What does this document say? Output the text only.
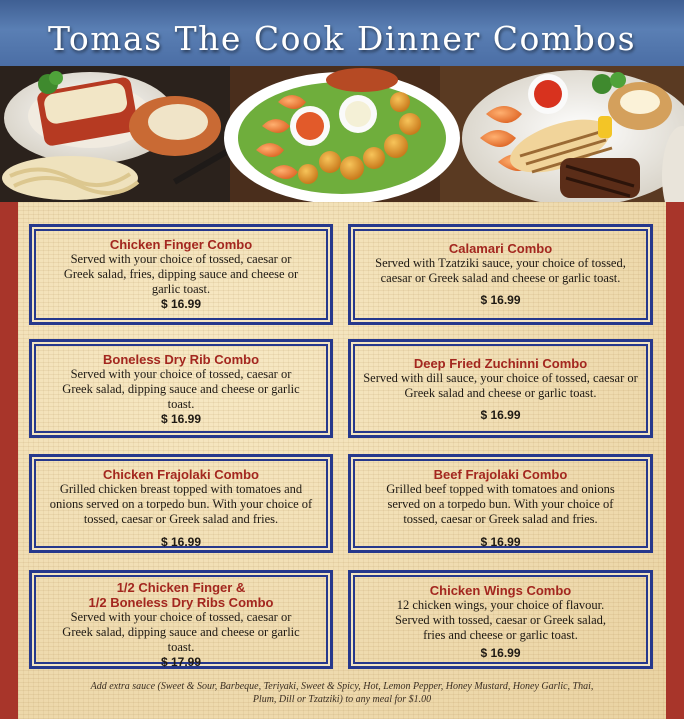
Tomas The Cook Dinner Combos

Chicken Finger Combo

Served with your choice of tossed, caesar or Greek salad, fries, dipping sauce and cheese or garlic toast.

$ 16.99

Calamari Combo

Served with Tzatziki sauce, your choice of tossed, caesar or Greek salad and cheese or garlic toast.

$ 16.99

Boneless Dry Rib Combo

Served with your choice of tossed, caesar or Greek salad, dipping sauce and cheese or garlic toast.

$ 16.99

Deep Fried Zuchinni Combo

Served with dill sauce, your choice of tossed, caesar or Greek salad and cheese or garlic toast.

$ 16.99

Chicken Frajolaki Combo

Grilled chicken breast topped with tomatoes and onions served on a torpedo bun. With your choice of tossed, caesar or Greek salad and fries.

$ 16.99

Beef Frajolaki Combo

Grilled beef topped with tomatoes and onions served on a torpedo bun. With your choice of tossed, caesar or Greek salad and fries.

$ 16.99

1/2 Chicken Finger &
1/2 Boneless Dry Ribs Combo

Served with your choice of tossed, caesar or Greek salad, dipping sauce and cheese or garlic toast.

$ 17.99

Chicken Wings Combo

12 chicken wings, your choice of flavour. Served with tossed, caesar or Greek salad, fries and cheese or garlic toast.

$ 16.99

Add extra sauce (Sweet & Sour, Barbeque, Teriyaki, Sweet & Spicy, Hot, Lemon Pepper, Honey Mustard, Honey Garlic, Thai, Plum, Dill or Tzatziki) to any meal for $1.00
